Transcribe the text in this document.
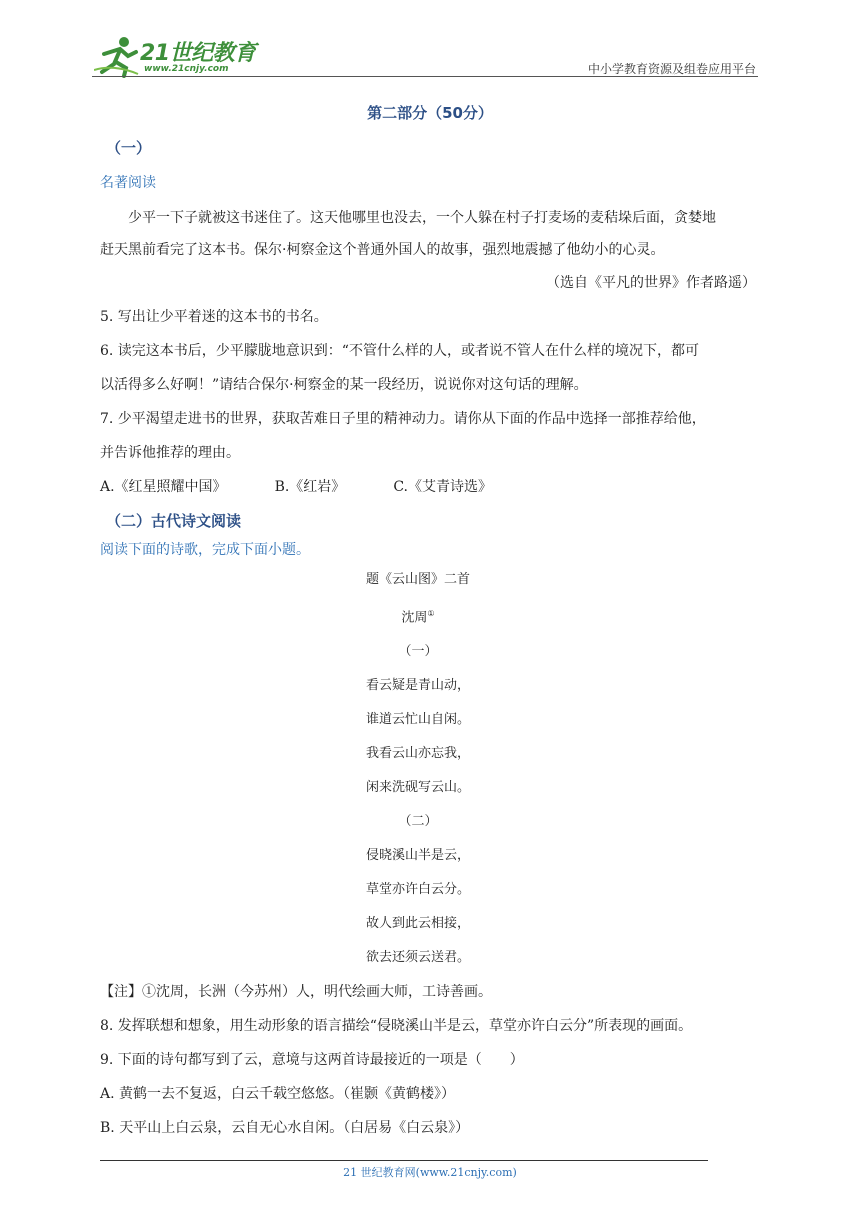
21世纪教育
www.21cnjy.com	中小学教育资源及组卷应用平台
第二部分（50分）
（一）
名著阅读

少平一下子就被这书迷住了。这天他哪里也没去，一个人躲在村子打麦场的麦秸垛后面，贪婪地

赶天黑前看完了这本书。保尔·柯察金这个普通外国人的故事，强烈地震撼了他幼小的心灵。

（选自《平凡的世界》作者路遥）

5. 写出让少平着迷的这本书的书名。

6. 读完这本书后，少平朦胧地意识到：“不管什么样的人，或者说不管人在什么样的境况下，都可

以活得多么好啊！”请结合保尔·柯察金的某一段经历，说说你对这句话的理解。

7. 少平渴望走进书的世界，获取苦难日子里的精神动力。请你从下面的作品中选择一部推荐给他，

并告诉他推荐的理由。

A.《红星照耀中国》	B.《红岩》	C.《艾青诗选》
（二）古代诗文阅读
阅读下面的诗歌，完成下面小题。
题《云山图》二首
沈周①
（一）
看云疑是青山动，
谁道云忙山自闲。
我看云山亦忘我，
闲来洗砚写云山。
（二）
侵晓溪山半是云，
草堂亦许白云分。
故人到此云相接，
欲去还须云送君。

【注】①沈周，长洲（今苏州）人，明代绘画大师，工诗善画。

8. 发挥联想和想象，用生动形象的语言描绘“侵晓溪山半是云，草堂亦许白云分”所表现的画面。

9. 下面的诗句都写到了云，意境与这两首诗最接近的一项是（　　）

A. 黄鹤一去不复返，白云千载空悠悠。（崔颢《黄鹤楼》）

B. 天平山上白云泉，云自无心水自闲。（白居易《白云泉》）

21 世纪教育网(www.21cnjy.com)
